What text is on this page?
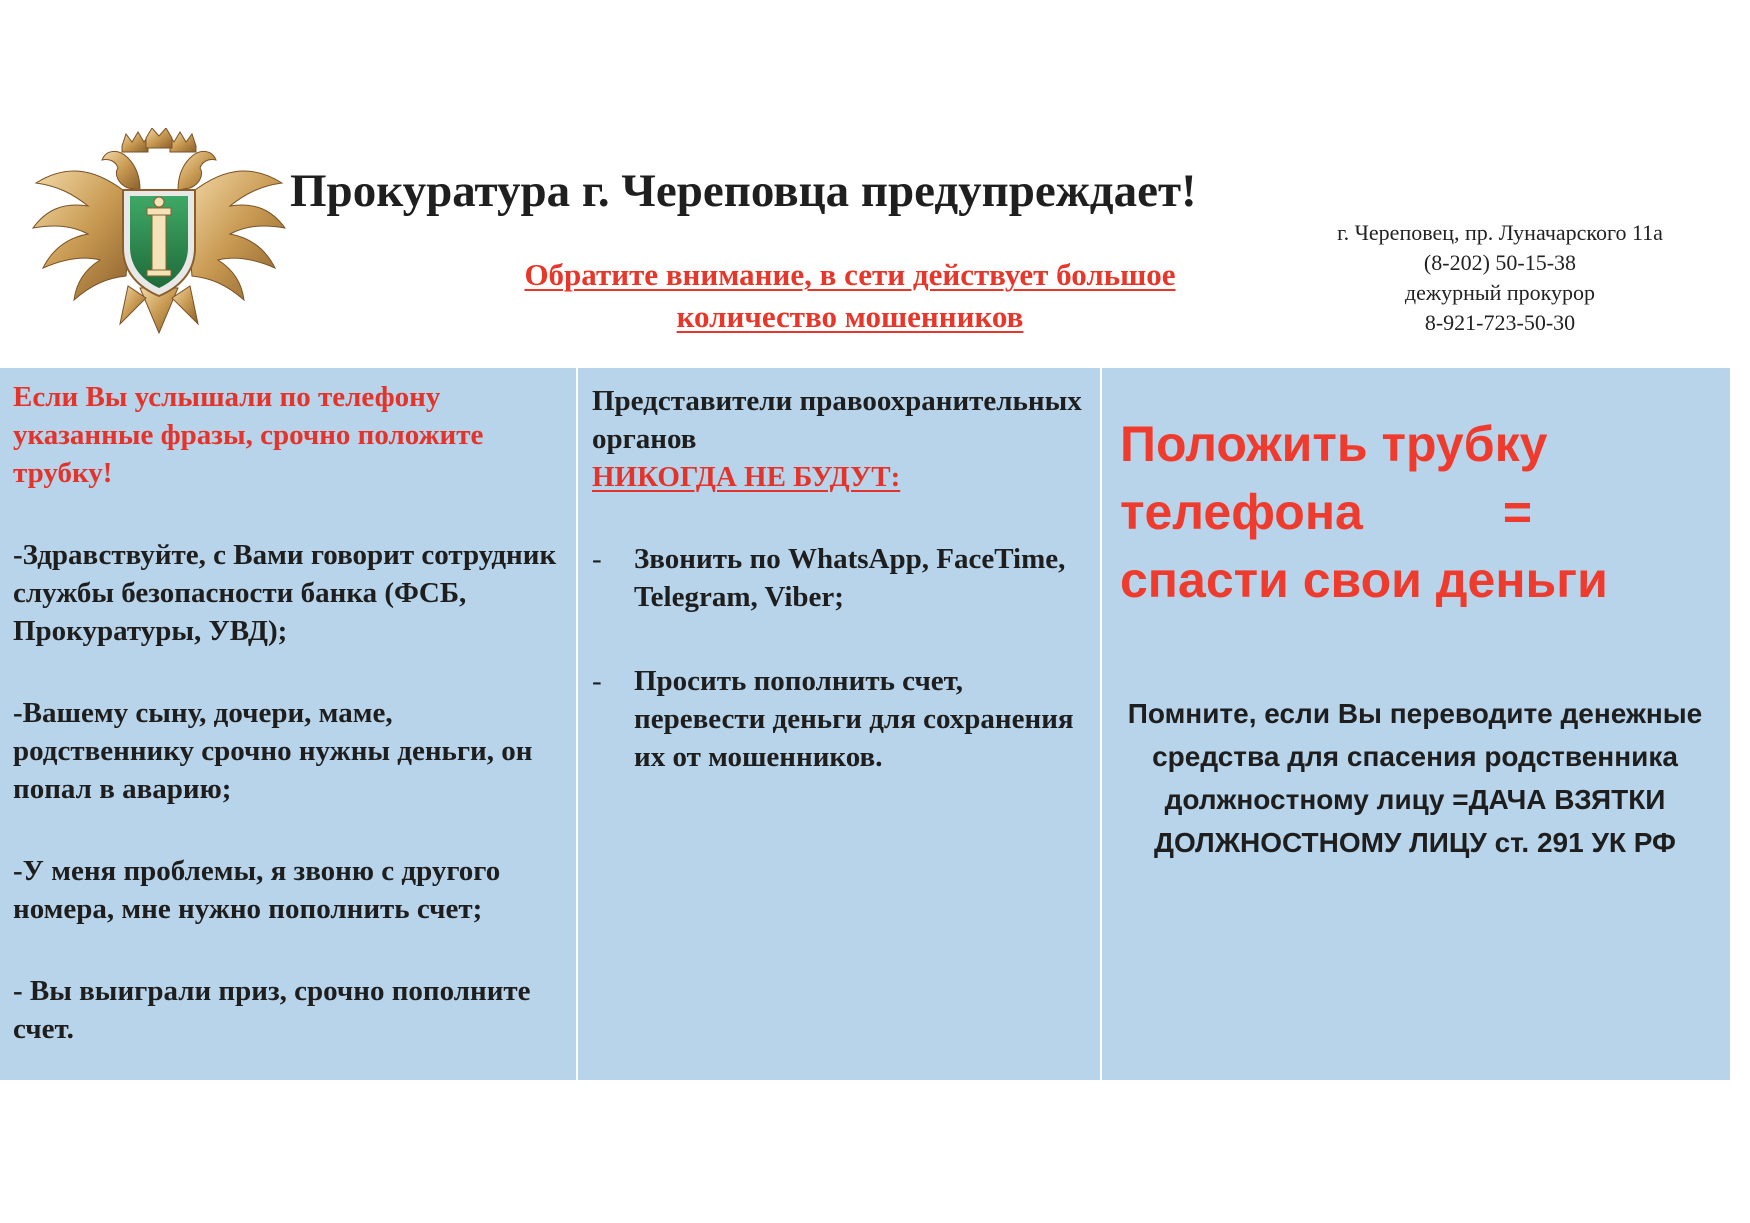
Прокуратура г. Череповца предупреждает!
Обратите внимание, в сети действует большое
количество мошенников
г. Череповец, пр. Луначарского 11а
(8-202) 50-15-38
дежурный прокурор
8-921-723-50-30

Если Вы услышали по телефону указанные фразы, срочно положите трубку!

-Здравствуйте, с Вами говорит сотрудник службы безопасности банка (ФСБ, Прокуратуры, УВД);

-Вашему сыну, дочери, маме, родственнику срочно нужны деньги, он попал в аварию;

-У меня проблемы, я звоню с другого номера, мне нужно пополнить счет;

- Вы выиграли приз, срочно пополните счет.

Представители правоохранительных органов
НИКОГДА НЕ БУДУТ:
- Звонить по WhatsApp, FaceTime, Telegram, Viber;
- Просить пополнить счет, перевести деньги для сохранения их от мошенников.
Положить трубку
телефона	=
спасти свои деньги

Помните, если Вы переводите денежные средства для спасения родственника должностному лицу =ДАЧА ВЗЯТКИ ДОЛЖНОСТНОМУ ЛИЦУ ст. 291 УК РФ
